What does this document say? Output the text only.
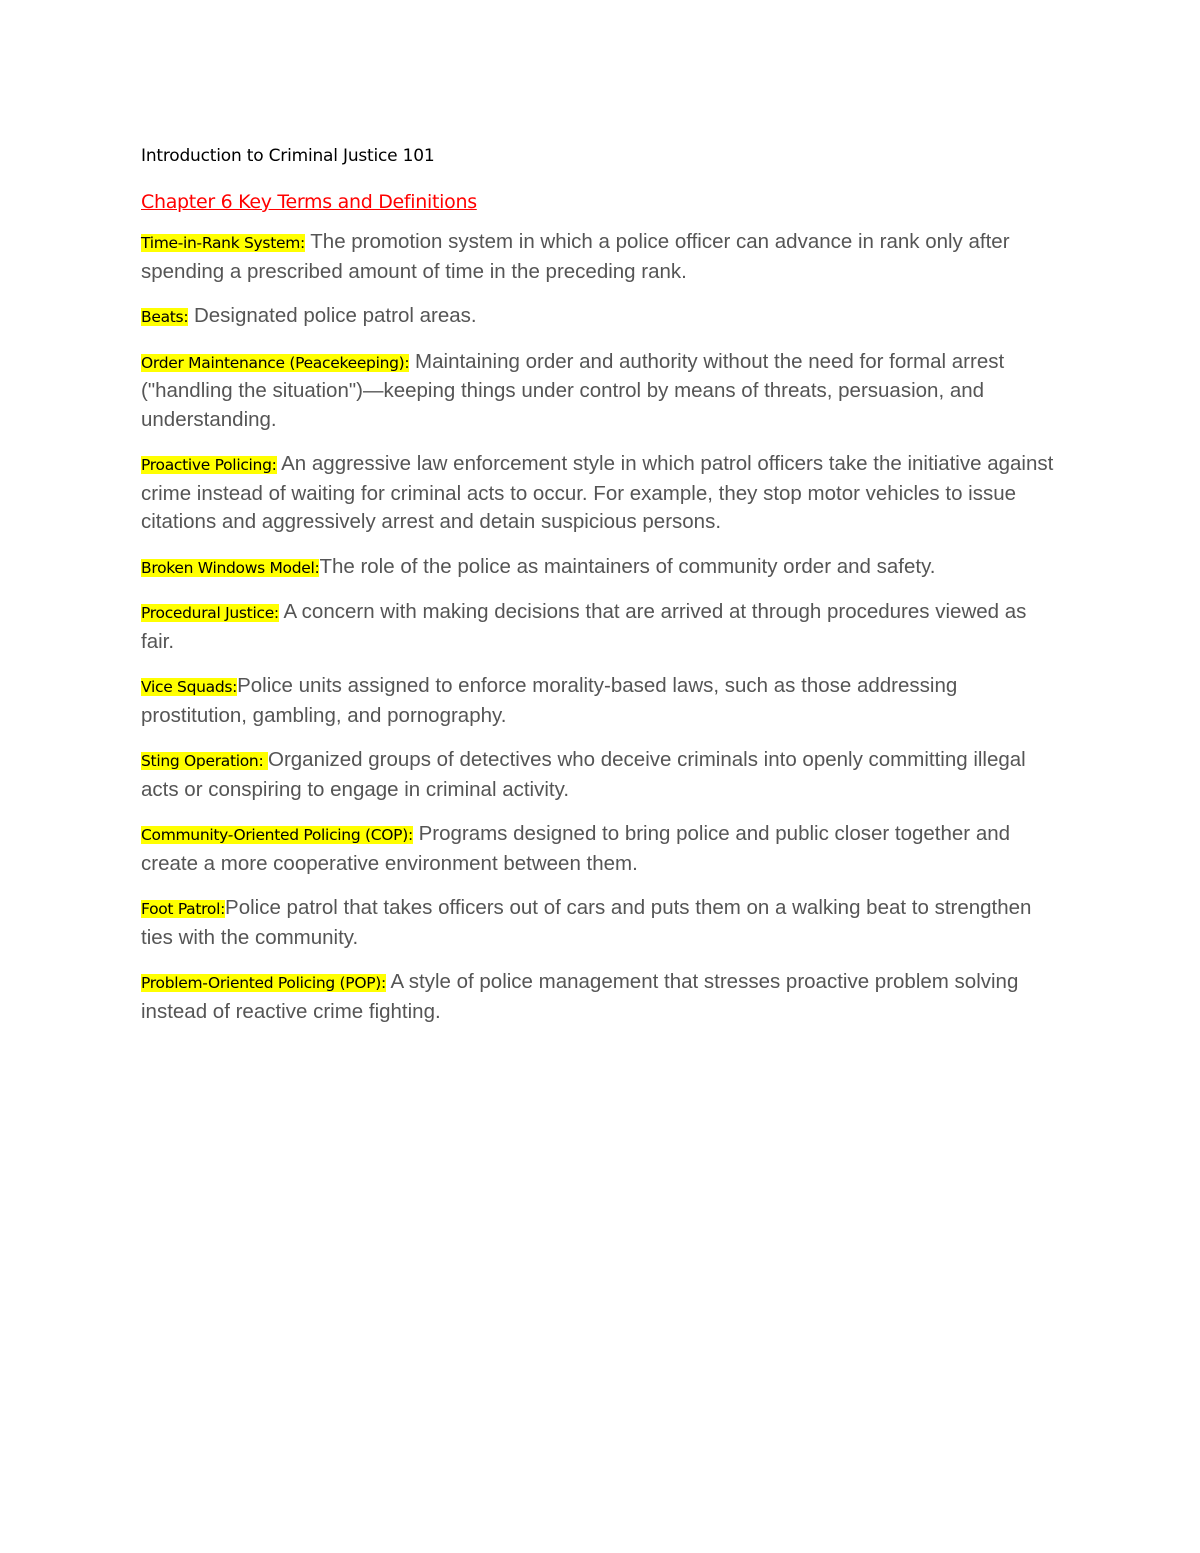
Introduction to Criminal Justice 101
Chapter 6 Key Terms and Definitions
Time-in-Rank System: The promotion system in which a police officer can advance in rank only after spending a prescribed amount of time in the preceding rank.
Beats: Designated police patrol areas.
Order Maintenance (Peacekeeping): Maintaining order and authority without the need for formal arrest ("handling the situation")—keeping things under control by means of threats, persuasion, and understanding.
Proactive Policing: An aggressive law enforcement style in which patrol officers take the initiative against crime instead of waiting for criminal acts to occur. For example, they stop motor vehicles to issue citations and aggressively arrest and detain suspicious persons.
Broken Windows Model:The role of the police as maintainers of community order and safety.
Procedural Justice: A concern with making decisions that are arrived at through procedures viewed as fair.
Vice Squads:Police units assigned to enforce morality-based laws, such as those addressing prostitution, gambling, and pornography.
Sting Operation: Organized groups of detectives who deceive criminals into openly committing illegal acts or conspiring to engage in criminal activity.
Community-Oriented Policing (COP): Programs designed to bring police and public closer together and create a more cooperative environment between them.
Foot Patrol:Police patrol that takes officers out of cars and puts them on a walking beat to strengthen ties with the community.
Problem-Oriented Policing (POP): A style of police management that stresses proactive problem solving instead of reactive crime fighting.
